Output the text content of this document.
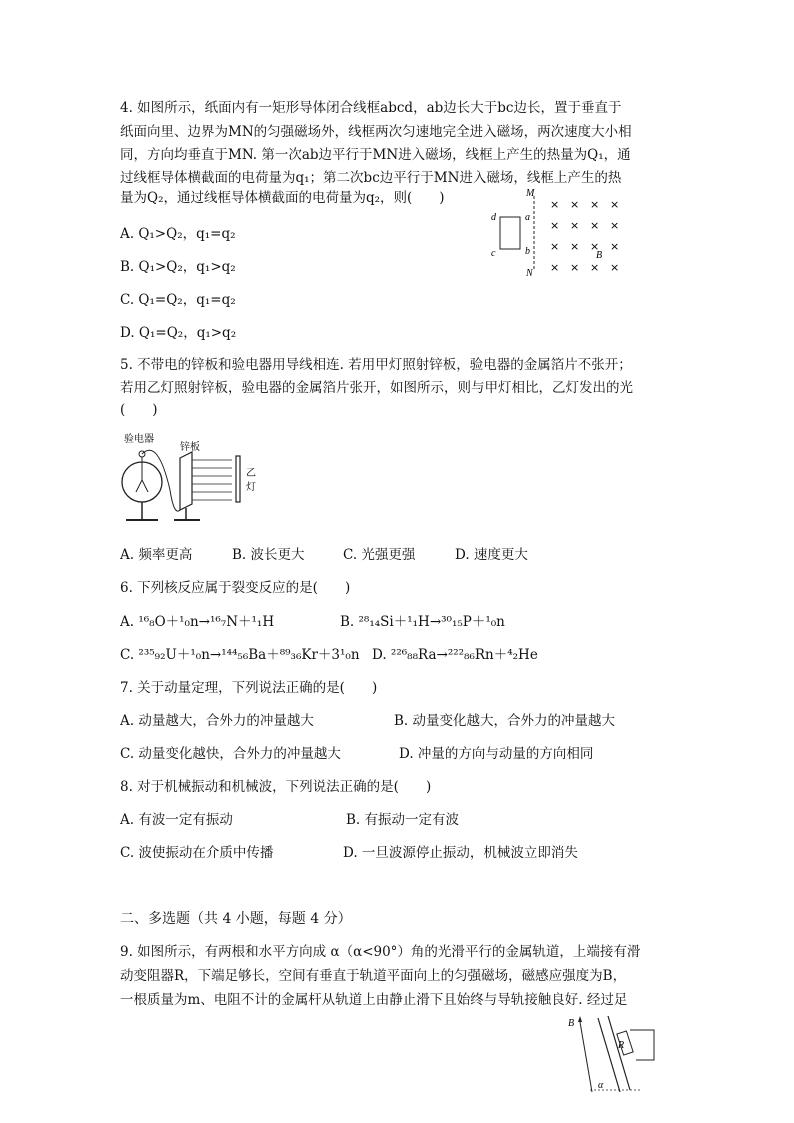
4. 如图所示，纸面内有一矩形导体闭合线框abcd，ab边长大于bc边长，置于垂直于
纸面向里、边界为MN的匀强磁场外，线框两次匀速地完全进入磁场，两次速度大小相
同，方向均垂直于MN. 第一次ab边平行于MN进入磁场，线框上产生的热量为Q₁，通
过线框导体横截面的电荷量为q₁；第二次bc边平行于MN进入磁场，线框上产生的热
量为Q₂，通过线框导体横截面的电荷量为q₂，则(　　)
A. Q₁>Q₂，q₁=q₂
B. Q₁>Q₂，q₁>q₂
C. Q₁=Q₂，q₁=q₂
D. Q₁=Q₂，q₁>q₂
M
N
d	a
c	b	B
× × × ×
× × × ×
× × × ×
× × × ×
5. 不带电的锌板和验电器用导线相连. 若用甲灯照射锌板，验电器的金属箔片不张开；
若用乙灯照射锌板，验电器的金属箔片张开，如图所示，则与甲灯相比，乙灯发出的光
(　　)
验电器
锌板
乙
灯
A. 频率更高	B. 波长更大	C. 光强更强	D. 速度更大
6. 下列核反应属于裂变反应的是(　　)
A. ¹⁶₈O＋¹₀n→¹⁶₇N＋¹₁H	B. ²⁸₁₄Si＋¹₁H→³⁰₁₅P＋¹₀n
C. ²³⁵₉₂U＋¹₀n→¹⁴⁴₅₆Ba＋⁸⁹₃₆Kr＋3¹₀n D. ²²⁶₈₈Ra→²²²₈₆Rn＋⁴₂He
7. 关于动量定理，下列说法正确的是(　　)
A. 动量越大，合外力的冲量越大	B. 动量变化越大，合外力的冲量越大
C. 动量变化越快，合外力的冲量越大	D. 冲量的方向与动量的方向相同
8. 对于机械振动和机械波，下列说法正确的是(　　)
A. 有波一定有振动	B. 有振动一定有波
C. 波使振动在介质中传播	D. 一旦波源停止振动，机械波立即消失
二、多选题（共 4 小题，每题 4 分）
9. 如图所示，有两根和水平方向成 α（α<90°）角的光滑平行的金属轨道，上端接有滑
动变阻器R，下端足够长，空间有垂直于轨道平面向上的匀强磁场，磁感应强度为B，
一根质量为m、电阻不计的金属杆从轨道上由静止滑下且始终与导轨接触良好. 经过足
B
R
α
